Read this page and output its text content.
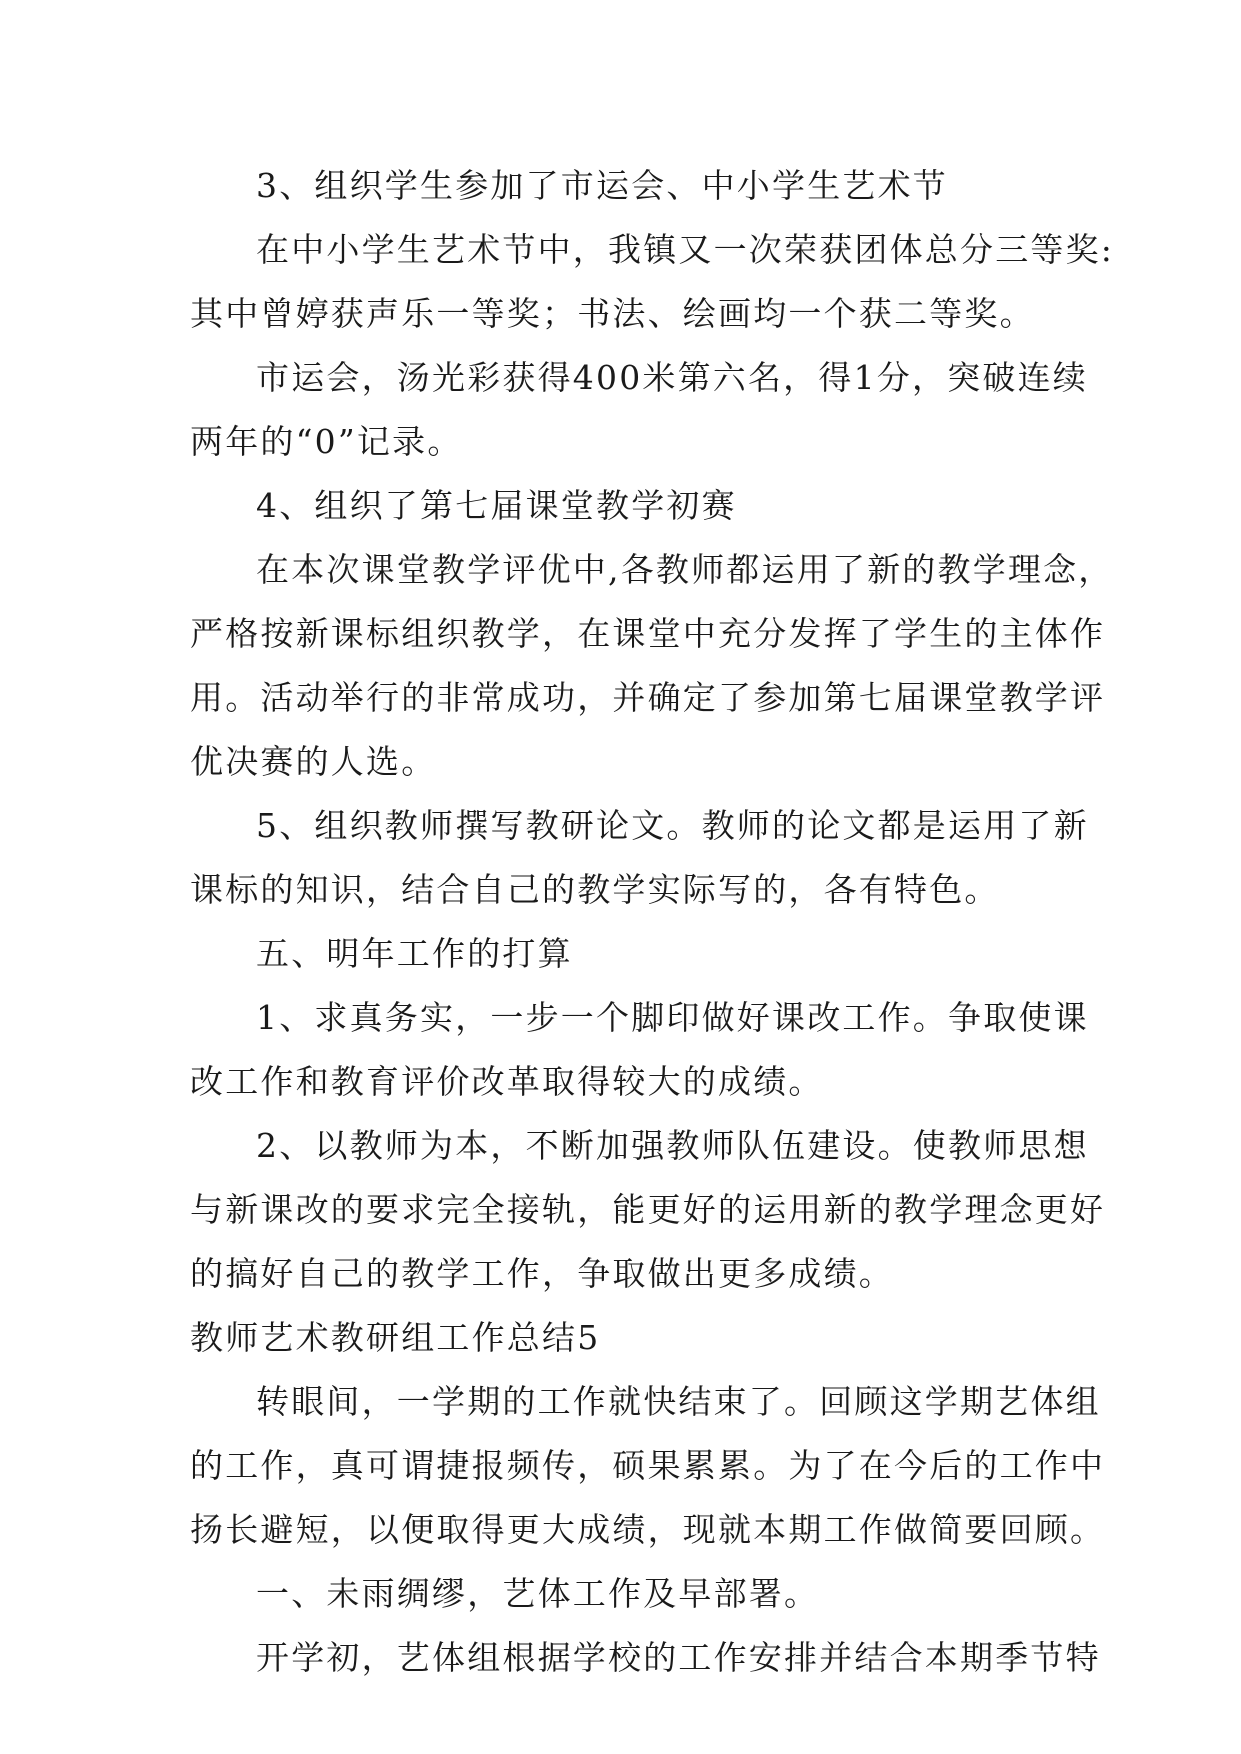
3、组织学生参加了市运会、中小学生艺术节
在中小学生艺术节中，我镇又一次荣获团体总分三等奖:
其中曾婷获声乐一等奖；书法、绘画均一个获二等奖。
市运会，汤光彩获得400米第六名，得1分，突破连续
两年的“0”记录。
4、组织了第七届课堂教学初赛
在本次课堂教学评优中,各教师都运用了新的教学理念，
严格按新课标组织教学，在课堂中充分发挥了学生的主体作
用。活动举行的非常成功，并确定了参加第七届课堂教学评
优决赛的人选。
5、组织教师撰写教研论文。教师的论文都是运用了新
课标的知识，结合自己的教学实际写的，各有特色。
五、明年工作的打算
1、求真务实，一步一个脚印做好课改工作。争取使课
改工作和教育评价改革取得较大的成绩。
2、以教师为本，不断加强教师队伍建设。使教师思想
与新课改的要求完全接轨，能更好的运用新的教学理念更好
的搞好自己的教学工作，争取做出更多成绩。
教师艺术教研组工作总结5
转眼间，一学期的工作就快结束了。回顾这学期艺体组
的工作，真可谓捷报频传，硕果累累。为了在今后的工作中
扬长避短，以便取得更大成绩，现就本期工作做简要回顾。
一、未雨绸缪，艺体工作及早部署。
开学初，艺体组根据学校的工作安排并结合本期季节特
